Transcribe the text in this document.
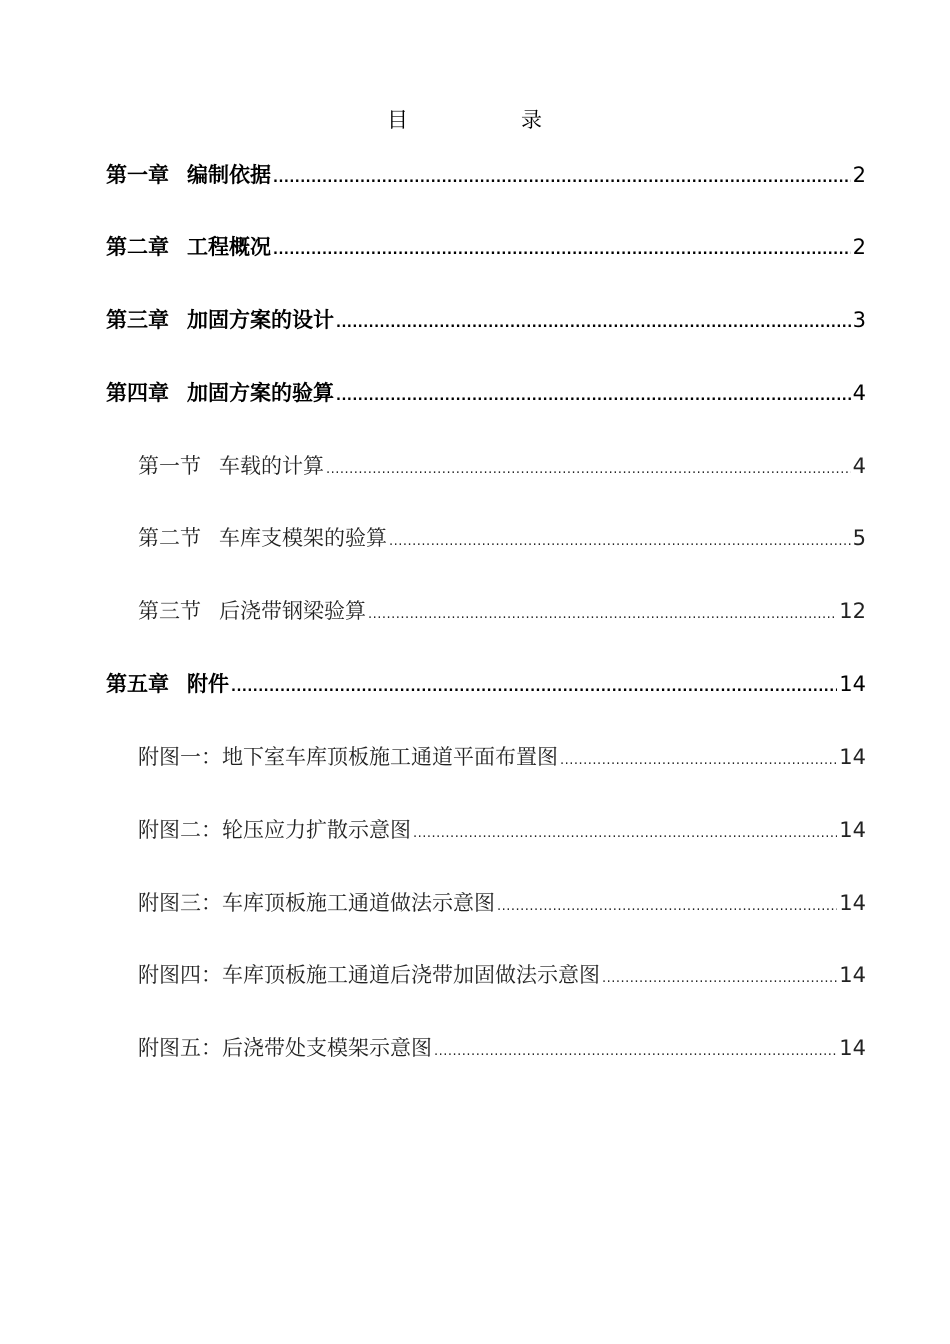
目　录
第一章 编制依据 .....	2
第二章 工程概况 .....	2
第三章 加固方案的设计 .....	3
第四章 加固方案的验算 .....	4
第一节 车载的计算 .....	4
第二节 车库支模架的验算 .....	5
第三节 后浇带钢梁验算 .....	12
第五章 附件 .....	14
附图一：地下室车库顶板施工通道平面布置图 .....	14
附图二：轮压应力扩散示意图 .....	14
附图三：车库顶板施工通道做法示意图 .....	14
附图四：车库顶板施工通道后浇带加固做法示意图 .....	14
附图五：后浇带处支模架示意图 .....	14
